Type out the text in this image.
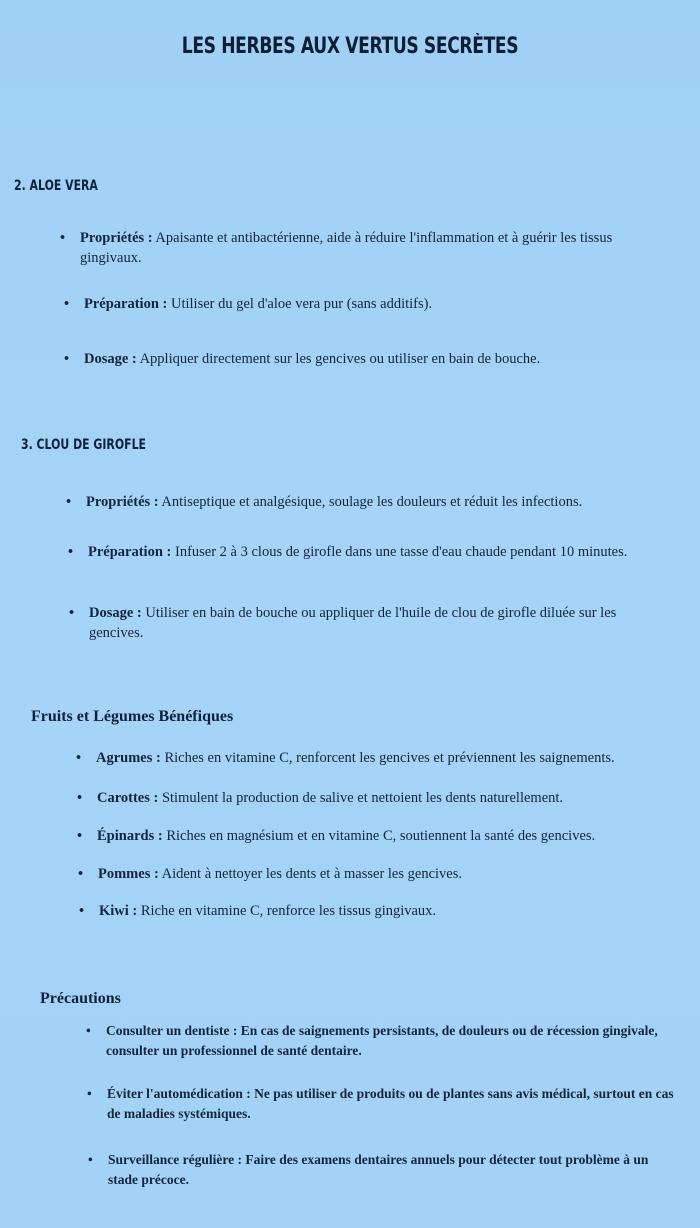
LES HERBES AUX VERTUS SECRÈTES
2. ALOE VERA
• Propriétés : Apaisante et antibactérienne, aide à réduire l'inflammation et à guérir les tissus gingivaux.
• Préparation : Utiliser du gel d'aloe vera pur (sans additifs).
• Dosage : Appliquer directement sur les gencives ou utiliser en bain de bouche.
3. CLOU DE GIROFLE
• Propriétés : Antiseptique et analgésique, soulage les douleurs et réduit les infections.
• Préparation : Infuser 2 à 3 clous de girofle dans une tasse d'eau chaude pendant 10 minutes.
• Dosage : Utiliser en bain de bouche ou appliquer de l'huile de clou de girofle diluée sur les gencives.
Fruits et Légumes Bénéfiques
• Agrumes : Riches en vitamine C, renforcent les gencives et préviennent les saignements.
• Carottes : Stimulent la production de salive et nettoient les dents naturellement.
• Épinards : Riches en magnésium et en vitamine C, soutiennent la santé des gencives.
• Pommes : Aident à nettoyer les dents et à masser les gencives.
• Kiwi : Riche en vitamine C, renforce les tissus gingivaux.
Précautions
• Consulter un dentiste : En cas de saignements persistants, de douleurs ou de récession gingivale, consulter un professionnel de santé dentaire.
• Éviter l'automédication : Ne pas utiliser de produits ou de plantes sans avis médical, surtout en cas de maladies systémiques.
• Surveillance régulière : Faire des examens dentaires annuels pour détecter tout problème à un stade précoce.
